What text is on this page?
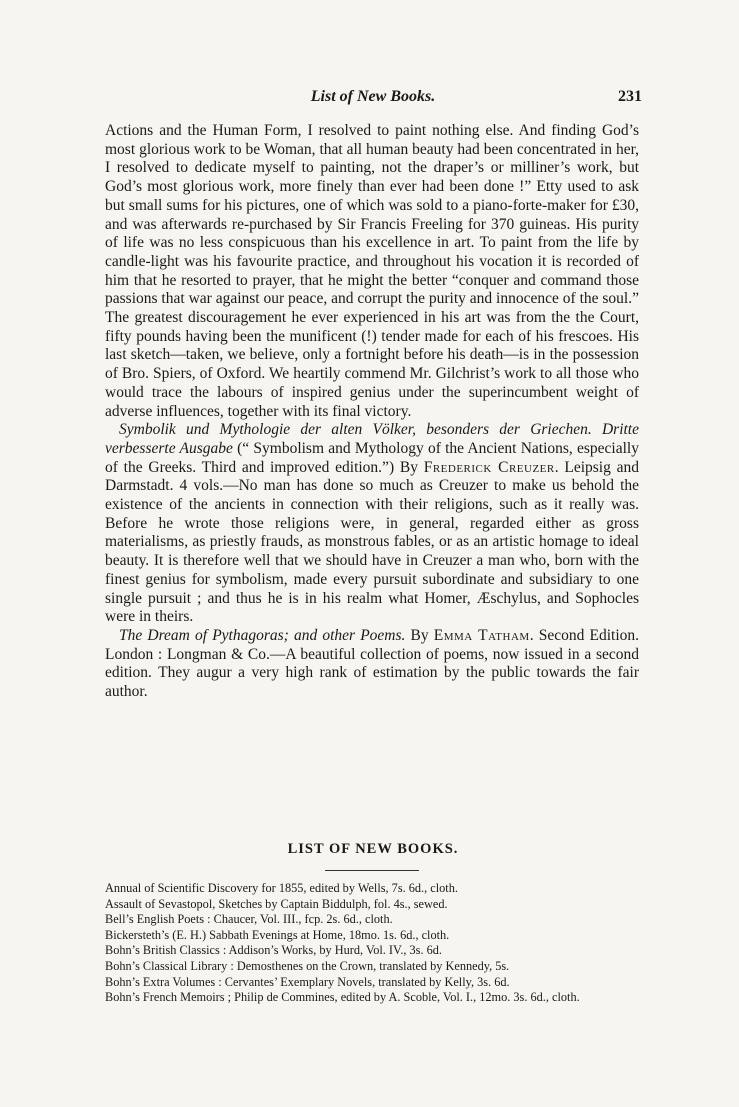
List of New Books.	231

Actions and the Human Form, I resolved to paint nothing else. And finding God’s most glorious work to be Woman, that all human beauty had been concentrated in her, I resolved to dedicate myself to painting, not the draper’s or milliner’s work, but God’s most glorious work, more finely than ever had been done !” Etty used to ask but small sums for his pictures, one of which was sold to a piano-forte-maker for £30, and was afterwards re-purchased by Sir Francis Freeling for 370 guineas. His purity of life was no less conspicuous than his excellence in art. To paint from the life by candle-light was his favourite practice, and throughout his vocation it is recorded of him that he resorted to prayer, that he might the better “conquer and command those passions that war against our peace, and corrupt the purity and innocence of the soul.” The greatest discouragement he ever experienced in his art was from the the Court, fifty pounds having been the munificent (!) tender made for each of his frescoes. His last sketch—taken, we believe, only a fortnight before his death—is in the possession of Bro. Spiers, of Oxford. We heartily commend Mr. Gilchrist’s work to all those who would trace the labours of inspired genius under the superincumbent weight of adverse influences, together with its final victory.

Symbolik und Mythologie der alten Völker, besonders der Griechen. Dritte verbesserte Ausgabe (“ Symbolism and Mythology of the Ancient Nations, especially of the Greeks. Third and improved edition.”) By Frederick Creuzer. Leipsig and Darmstadt. 4 vols.—No man has done so much as Creuzer to make us behold the existence of the ancients in connection with their religions, such as it really was. Before he wrote those religions were, in general, regarded either as gross materialisms, as priestly frauds, as monstrous fables, or as an artistic homage to ideal beauty. It is therefore well that we should have in Creuzer a man who, born with the finest genius for symbolism, made every pursuit subordinate and subsidiary to one single pursuit ; and thus he is in his realm what Homer, Æschylus, and Sophocles were in theirs.

The Dream of Pythagoras; and other Poems. By Emma Tatham. Second Edition. London : Longman & Co.—A beautiful collection of poems, now issued in a second edition. They augur a very high rank of estimation by the public towards the fair author.

LIST OF NEW BOOKS.
Annual of Scientific Discovery for 1855, edited by Wells, 7s. 6d., cloth.
Assault of Sevastopol, Sketches by Captain Biddulph, fol. 4s., sewed.
Bell’s English Poets : Chaucer, Vol. III., fcp. 2s. 6d., cloth.
Bickersteth’s (E. H.) Sabbath Evenings at Home, 18mo. 1s. 6d., cloth.
Bohn’s British Classics : Addison’s Works, by Hurd, Vol. IV., 3s. 6d.
Bohn’s Classical Library : Demosthenes on the Crown, translated by Kennedy, 5s.
Bohn’s Extra Volumes : Cervantes’ Exemplary Novels, translated by Kelly, 3s. 6d.
Bohn’s French Memoirs ; Philip de Commines, edited by A. Scoble, Vol. I., 12mo. 3s. 6d., cloth.
